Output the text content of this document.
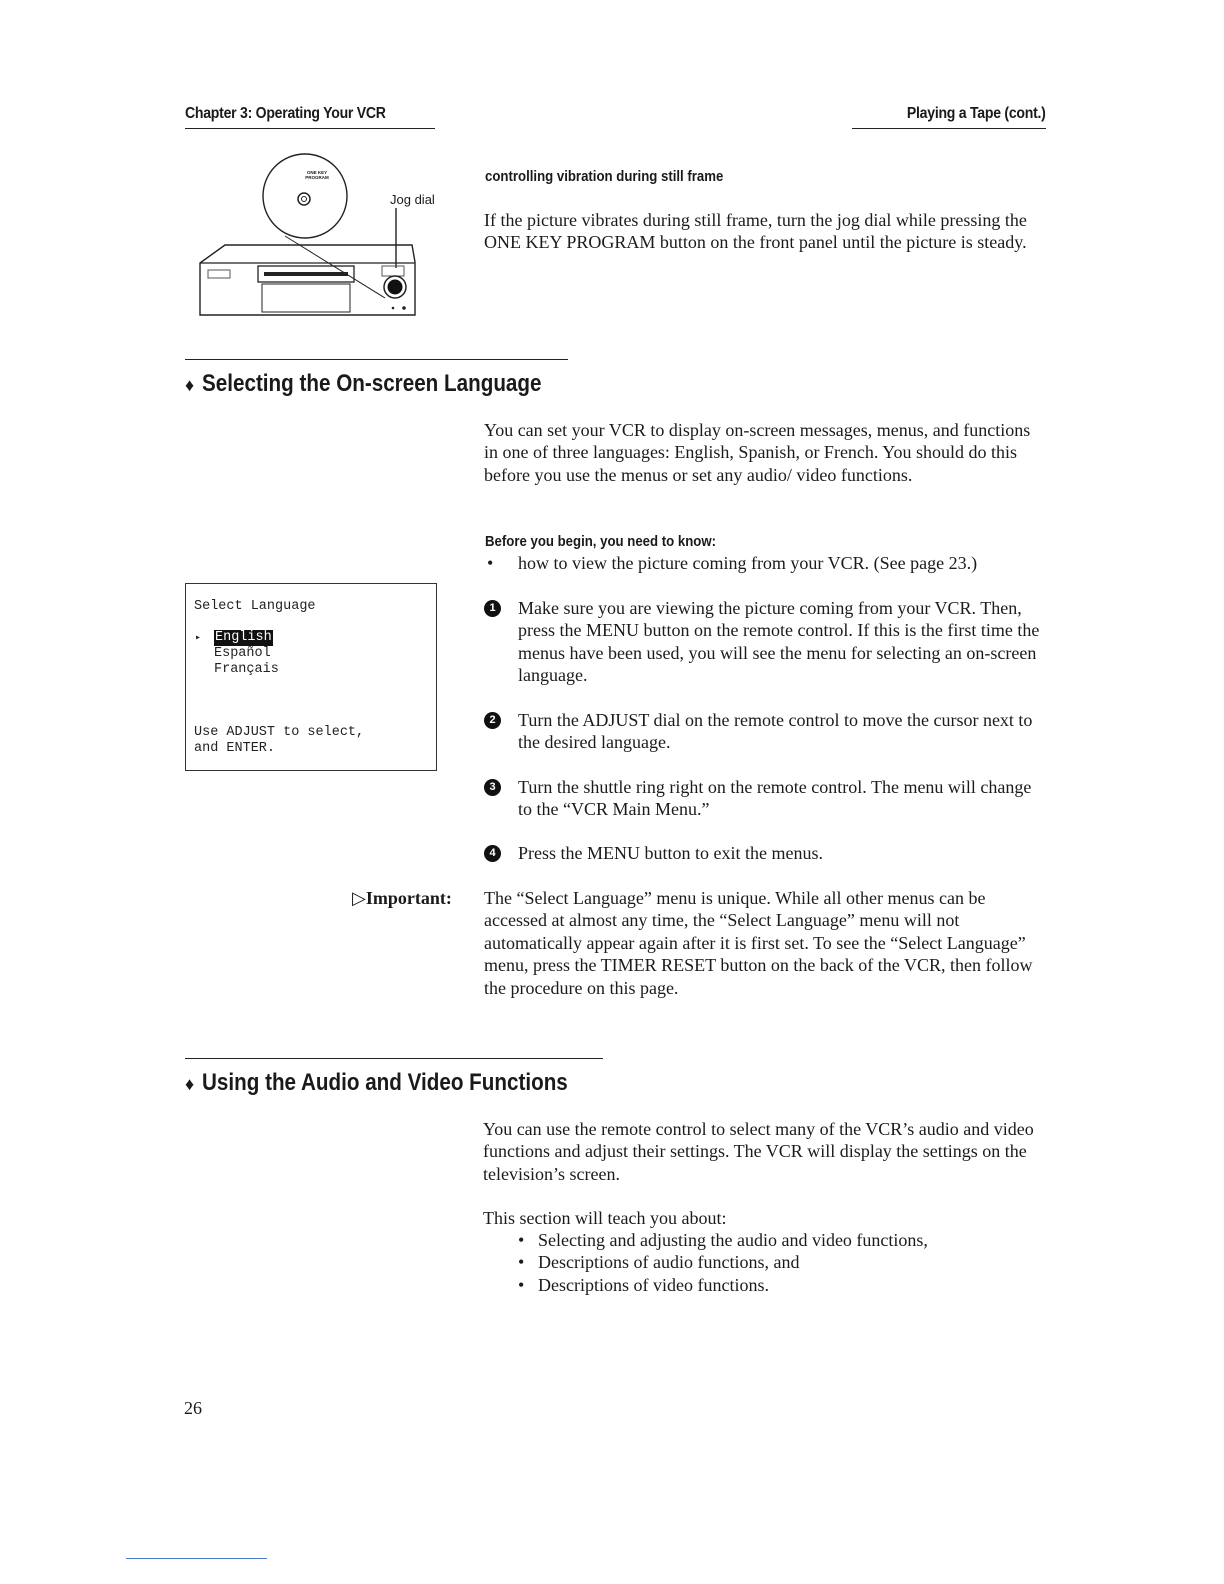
Chapter 3: Operating Your VCR	Playing a Tape (cont.)
ONE KEY
PROGRAM
Jog dial
controlling vibration during still frame
If the picture vibrates during still frame, turn the jog dial while pressing the ONE KEY PROGRAM button on the front panel until the picture is steady.
♦ Selecting the On-screen Language
You can set your VCR to display on-screen messages, menus, and functions in one of three languages: English, Spanish, or French. You should do this before you use the menus or set any audio/ video functions.
Before you begin, you need to know:
• how to view the picture coming from your VCR. (See page 23.)
1	Make sure you are viewing the picture coming from your VCR. Then, press the MENU button on the remote control. If this is the first time the menus have been used, you will see the menu for selecting an on-screen language.
2	Turn the ADJUST dial on the remote control to move the cursor next to the desired language.
3	Turn the shuttle ring right on the remote control. The menu will change to the “VCR Main Menu.”
4	Press the MENU button to exit the menus.
Select Language
▸ English
Español
Français
Use ADJUST to select,
and ENTER.
▷Important: The “Select Language” menu is unique. While all other menus can be accessed at almost any time, the “Select Language” menu will not automatically appear again after it is first set. To see the “Select Language” menu, press the TIMER RESET button on the back of the VCR, then follow the procedure on this page.
♦ Using the Audio and Video Functions
You can use the remote control to select many of the VCR’s audio and video functions and adjust their settings. The VCR will display the settings on the television’s screen.
This section will teach you about:
• Selecting and adjusting the audio and video functions,
• Descriptions of audio functions, and
• Descriptions of video functions.
26
